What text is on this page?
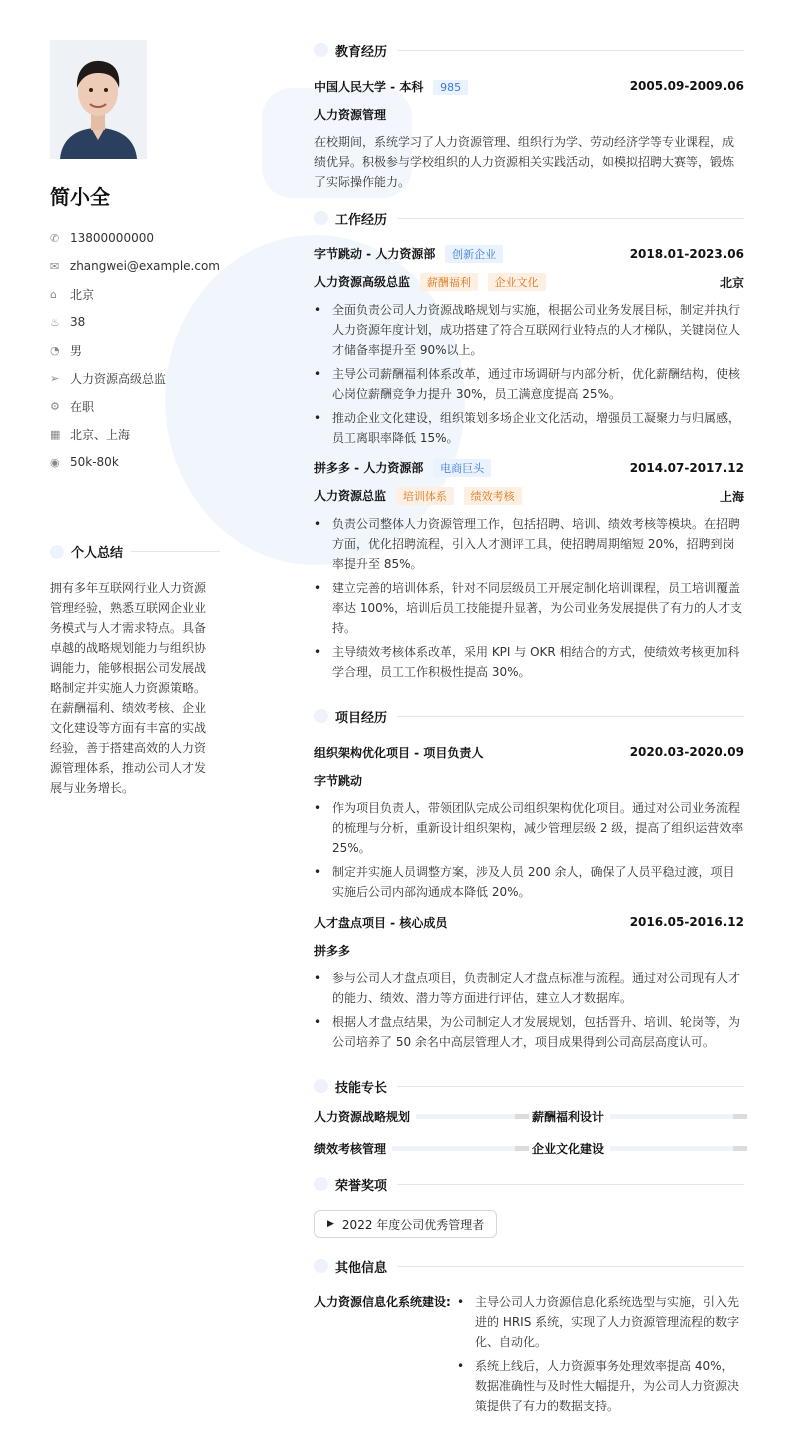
简小全
✆ 13800000000
✉ zhangwei@example.com
⌂	北京
♨ 38
◔ 男
➢ 人力资源高级总监
⚙ 在职
▦ 北京、上海
◉ 50k-80k
个人总结
拥有多年互联网行业人力资源管理经验，熟悉互联网企业业务模式与人才需求特点。具备卓越的战略规划能力与组织协调能力，能够根据公司发展战略制定并实施人力资源策略。在薪酬福利、绩效考核、企业文化建设等方面有丰富的实战经验，善于搭建高效的人力资源管理体系，推动公司人才发展与业务增长。
教育经历
中国人民大学 - 本科 985	2005.09-2009.06
人力资源管理
在校期间，系统学习了人力资源管理、组织行为学、劳动经济学等专业课程，成绩优异。积极参与学校组织的人力资源相关实践活动，如模拟招聘大赛等，锻炼了实际操作能力。
工作经历
字节跳动 - 人力资源部 创新企业	2018.01-2023.06
人力资源高级总监 薪酬福利 企业文化	北京
• 全面负责公司人力资源战略规划与实施，根据公司业务发展目标，制定并执行人力资源年度计划，成功搭建了符合互联网行业特点的人才梯队，关键岗位人才储备率提升至 90%以上。
• 主导公司薪酬福利体系改革，通过市场调研与内部分析，优化薪酬结构，使核心岗位薪酬竞争力提升 30%，员工满意度提高 25%。
• 推动企业文化建设，组织策划多场企业文化活动，增强员工凝聚力与归属感，员工离职率降低 15%。
拼多多 - 人力资源部 电商巨头	2014.07-2017.12
人力资源总监 培训体系 绩效考核	上海
• 负责公司整体人力资源管理工作，包括招聘、培训、绩效考核等模块。在招聘方面，优化招聘流程，引入人才测评工具，使招聘周期缩短 20%，招聘到岗率提升至 85%。
• 建立完善的培训体系，针对不同层级员工开展定制化培训课程，员工培训覆盖率达 100%，培训后员工技能提升显著，为公司业务发展提供了有力的人才支持。
• 主导绩效考核体系改革，采用 KPI 与 OKR 相结合的方式，使绩效考核更加科学合理，员工工作积极性提高 30%。
项目经历
组织架构优化项目 - 项目负责人	2020.03-2020.09
字节跳动
• 作为项目负责人，带领团队完成公司组织架构优化项目。通过对公司业务流程的梳理与分析，重新设计组织架构，减少管理层级 2 级，提高了组织运营效率 25%。
• 制定并实施人员调整方案，涉及人员 200 余人，确保了人员平稳过渡，项目实施后公司内部沟通成本降低 20%。
人才盘点项目 - 核心成员	2016.05-2016.12
拼多多
• 参与公司人才盘点项目，负责制定人才盘点标准与流程。通过对公司现有人才的能力、绩效、潜力等方面进行评估，建立人才数据库。
• 根据人才盘点结果，为公司制定人才发展规划，包括晋升、培训、轮岗等，为公司培养了 50 余名中高层管理人才，项目成果得到公司高层高度认可。
技能专长
人力资源战略规划	薪酬福利设计
绩效考核管理	企业文化建设
荣誉奖项
▶ 2022 年度公司优秀管理者
其他信息
人力资源信息化系统建设:
•	主导公司人力资源信息化系统选型与实施，引入先进的 HRIS 系统，实现了人力资源管理流程的数字化、自动化。
• 系统上线后，人力资源事务处理效率提高 40%，数据准确性与及时性大幅提升，为公司人力资源决策提供了有力的数据支持。
